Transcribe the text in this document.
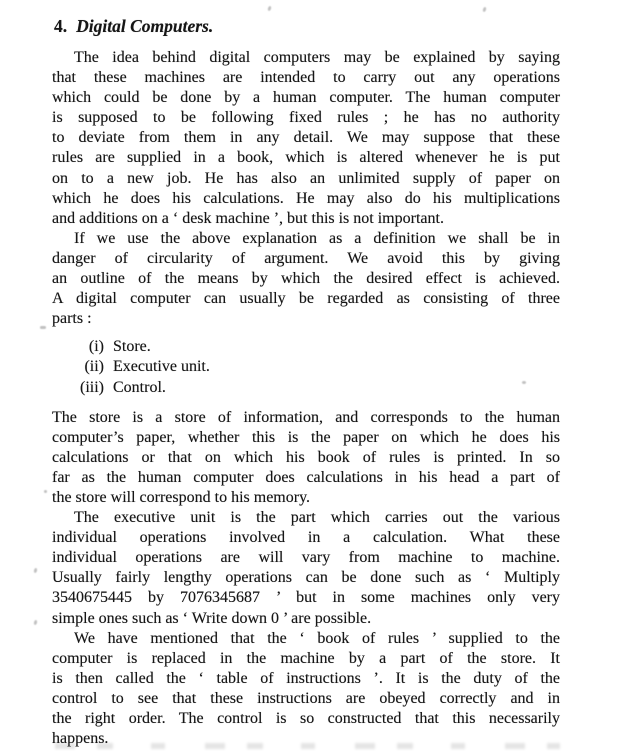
4. Digital Computers.
The idea behind digital computers may be explained by saying
that these machines are intended to carry out any operations
which could be done by a human computer. The human computer
is supposed to be following fixed rules ; he has no authority
to deviate from them in any detail. We may suppose that these
rules are supplied in a book, which is altered whenever he is put
on to a new job. He has also an unlimited supply of paper on
which he does his calculations. He may also do his multiplications
and additions on a ‘ desk machine ’, but this is not important.
If we use the above explanation as a definition we shall be in
danger of circularity of argument. We avoid this by giving
an outline of the means by which the desired effect is achieved.
A digital computer can usually be regarded as consisting of three
parts :
(i) Store.
(ii) Executive unit.
(iii) Control.
The store is a store of information, and corresponds to the human
computer’s paper, whether this is the paper on which he does his
calculations or that on which his book of rules is printed. In so
far as the human computer does calculations in his head a part of
the store will correspond to his memory.
The executive unit is the part which carries out the various
individual operations involved in a calculation. What these
individual operations are will vary from machine to machine.
Usually fairly lengthy operations can be done such as ‘ Multiply
3540675445 by 7076345687 ’ but in some machines only very
simple ones such as ‘ Write down 0 ’ are possible.
We have mentioned that the ‘ book of rules ’ supplied to the
computer is replaced in the machine by a part of the store. It
is then called the ‘ table of instructions ’. It is the duty of the
control to see that these instructions are obeyed correctly and in
the right order. The control is so constructed that this necessarily
happens.
